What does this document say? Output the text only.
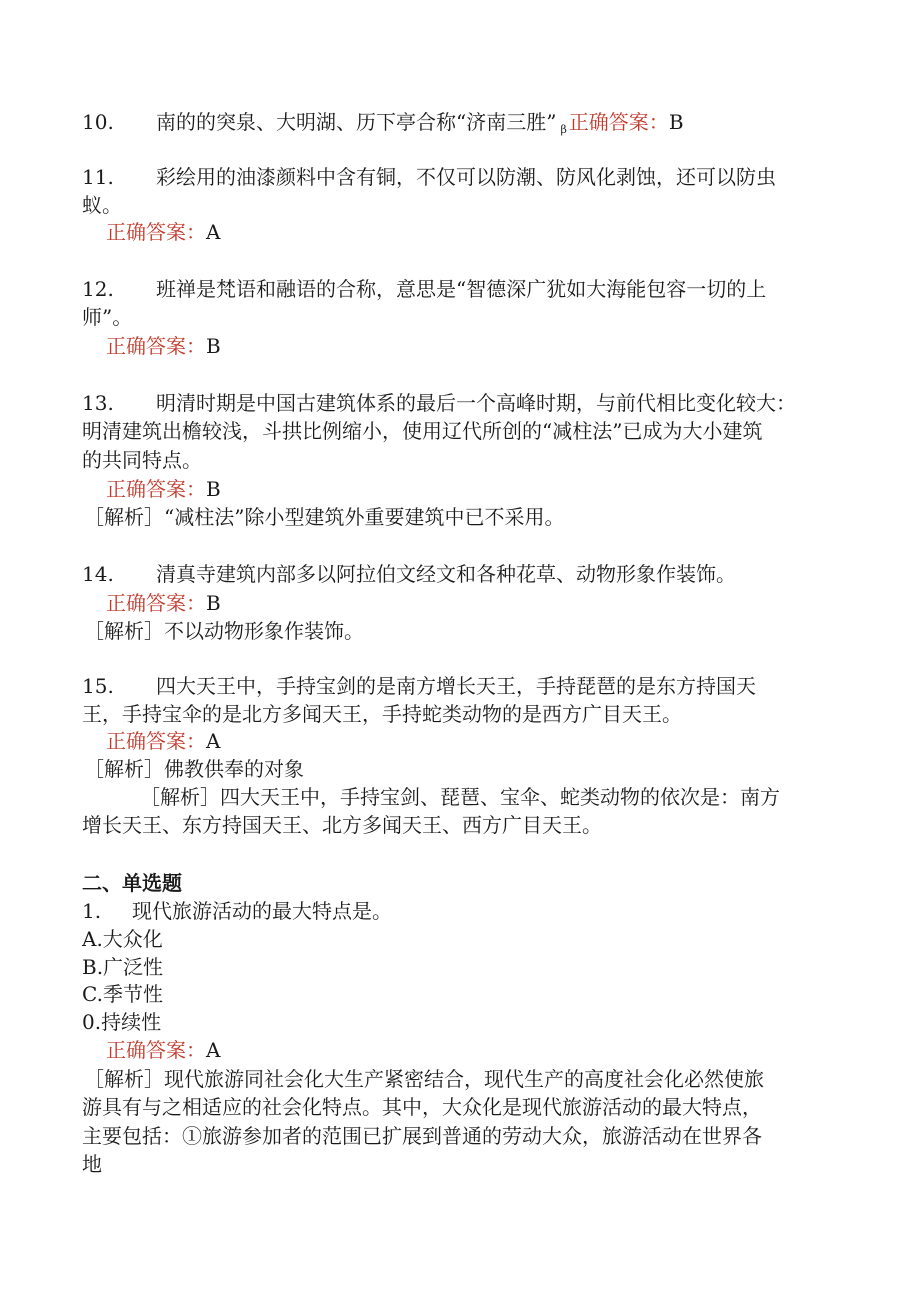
10. 南的的突泉、大明湖、历下亭合称“济南三胜” $_\beta$ 正确答案：B
11. 彩绘用的油漆颜料中含有铜，不仅可以防潮、防风化剥蚀，还可以防虫
蚁。
正确答案：A
12. 班禅是梵语和融语的合称，意思是“智德深广犹如大海能包容一切的上
师”。
正确答案：B
13. 明清时期是中国古建筑体系的最后一个高峰时期，与前代相比变化较大：
明清建筑出檐较浅，斗拱比例缩小，使用辽代所创的“减柱法”已成为大小建筑
的共同特点。
正确答案：B
［解析］“减柱法”除小型建筑外重要建筑中已不采用。
14. 清真寺建筑内部多以阿拉伯文经文和各种花草、动物形象作装饰。
正确答案：B
［解析］不以动物形象作装饰。
15. 四大天王中，手持宝剑的是南方增长天王，手持琵琶的是东方持国天
王，手持宝伞的是北方多闻天王，手持蛇类动物的是西方广目天王。
正确答案：A
［解析］佛教供奉的对象
［解析］四大天王中，手持宝剑、琵琶、宝伞、蛇类动物的依次是：南方
增长天王、东方持国天王、北方多闻天王、西方广目天王。
二、单选题
1. 现代旅游活动的最大特点是。
A.大众化
B.广泛性
C.季节性
0.持续性
正确答案：A
［解析］现代旅游同社会化大生产紧密结合，现代生产的高度社会化必然使旅
游具有与之相适应的社会化特点。其中，大众化是现代旅游活动的最大特点，
主要包括：①旅游参加者的范围已扩展到普通的劳动大众，旅游活动在世界各
地
